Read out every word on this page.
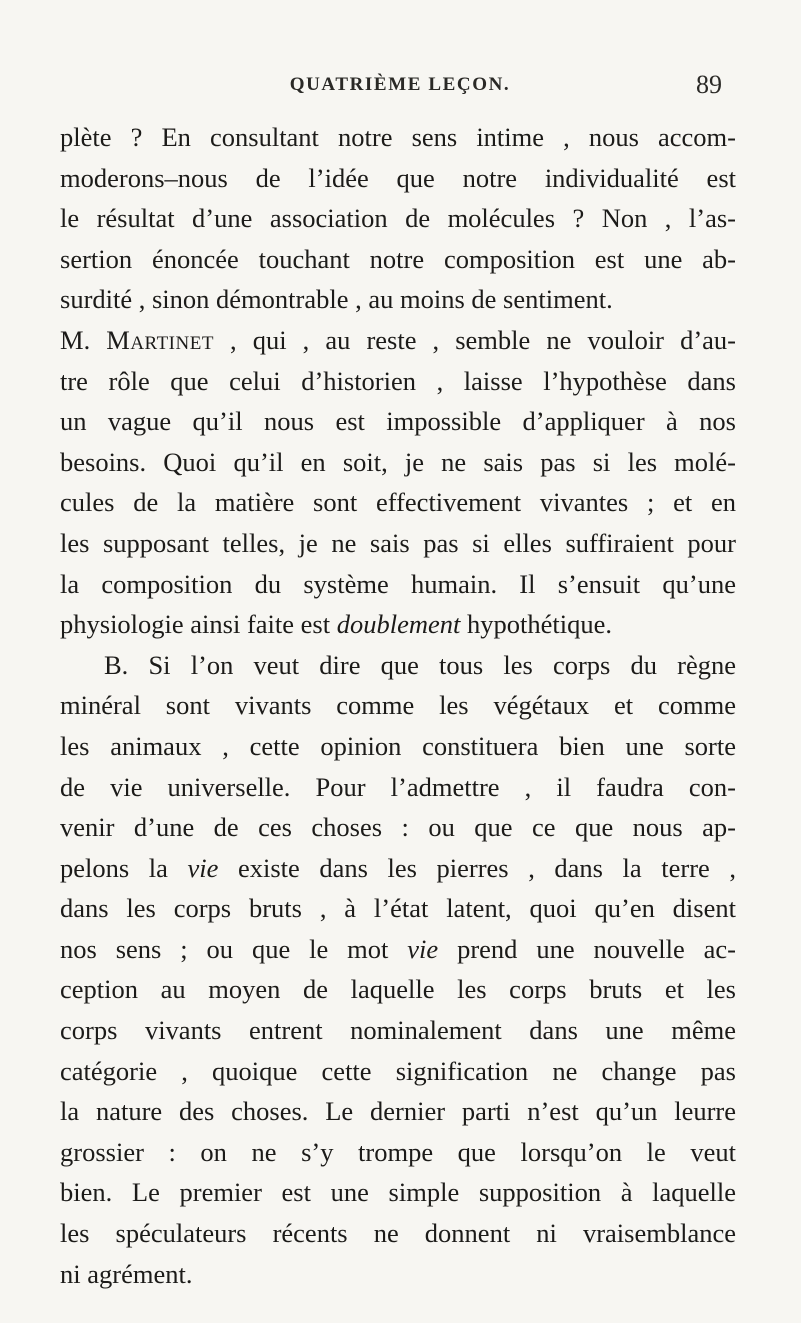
QUATRIÈME LEÇON.	89
plète ? En consultant notre sens intime , nous accom-
moderons–nous de l’idée que notre individualité est
le résultat d’une association de molécules ? Non , l’as-
sertion énoncée touchant notre composition est une ab-
surdité , sinon démontrable , au moins de sentiment.
M. Martinet , qui , au reste , semble ne vouloir d’au-
tre rôle que celui d’historien , laisse l’hypothèse dans
un vague qu’il nous est impossible d’appliquer à nos
besoins. Quoi qu’il en soit, je ne sais pas si les molé-
cules de la matière sont effectivement vivantes ; et en
les supposant telles, je ne sais pas si elles suffiraient pour
la composition du système humain. Il s’ensuit qu’une
physiologie ainsi faite est doublement hypothétique.
B. Si l’on veut dire que tous les corps du règne
minéral sont vivants comme les végétaux et comme
les animaux , cette opinion constituera bien une sorte
de vie universelle. Pour l’admettre , il faudra con-
venir d’une de ces choses : ou que ce que nous ap-
pelons la vie existe dans les pierres , dans la terre ,
dans les corps bruts , à l’état latent, quoi qu’en disent
nos sens ; ou que le mot vie prend une nouvelle ac-
ception au moyen de laquelle les corps bruts et les
corps vivants entrent nominalement dans une même
catégorie , quoique cette signification ne change pas
la nature des choses. Le dernier parti n’est qu’un leurre
grossier : on ne s’y trompe que lorsqu’on le veut
bien. Le premier est une simple supposition à laquelle
les spéculateurs récents ne donnent ni vraisemblance
ni agrément.
